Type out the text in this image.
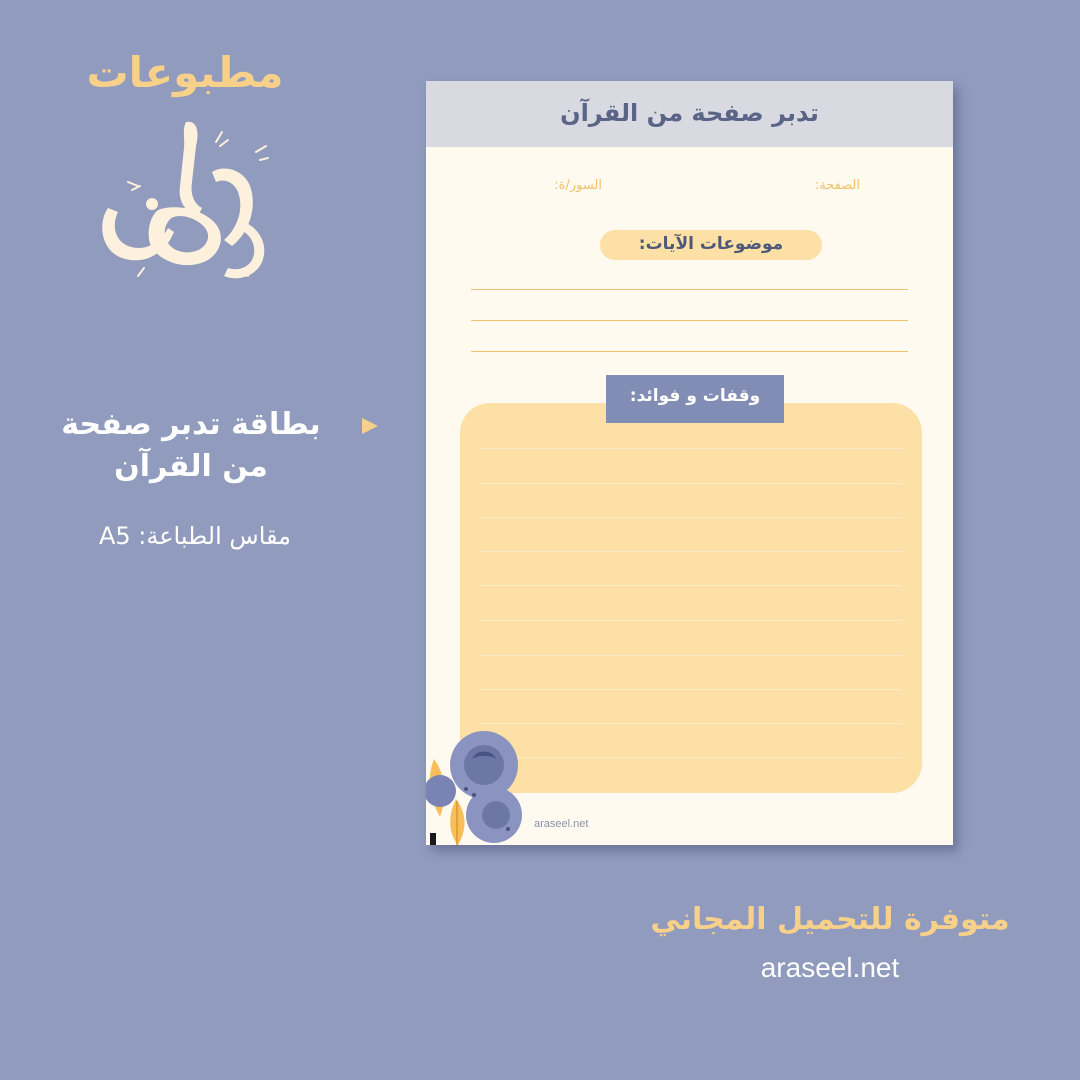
مطبوعات
بطاقة تدبر صفحة من القرآن
مقاس الطباعة: A5
تدبر صفحة من القرآن
الصفحة:
السور/ة:
موضوعات الآيات:
وقفات و فوائد:
araseel.net
متوفرة للتحميل المجاني
araseel.net
